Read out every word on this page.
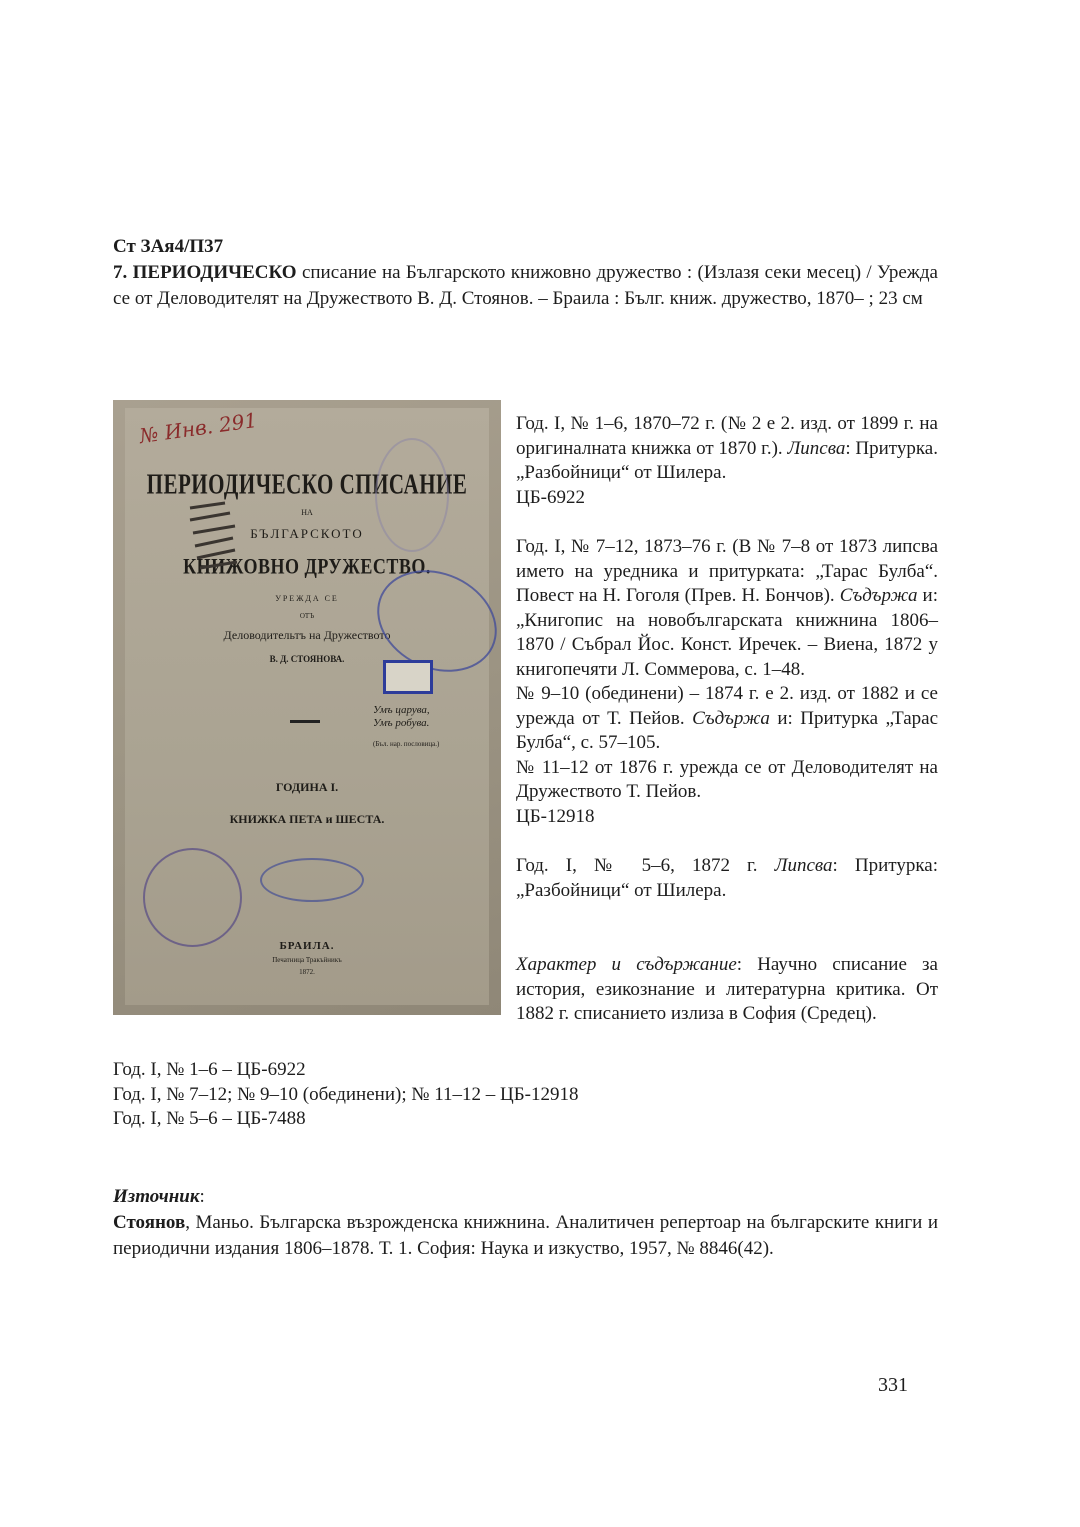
Ст ЗАя4/П37
7. ПЕРИОДИЧЕСКО списание на Българското книжовно дружество : (Излазя секи месец) / Урежда се от Деловодителят на Дружеството В. Д. Стоянов. – Браила : Бълг. книж. дружество, 1870– ; 23 см
№ Инв. 291
ПЕРИОДИЧЕСКО СПИСАНИЕ
НА
БЪЛГАРСКОТО
КНИЖОВНО ДРУЖЕСТВО.
УРЕЖДА СЕ
ОТЪ
Деловодительтъ на Дружеството
В. Д. СТОЯНОВА.
Умъ царува,
Умъ робува.
(Бъл. нар. пословица.)
ГОДИНА І.
КНИЖКА ПЕТА и ШЕСТА.
БРАИЛА.
Печатница Тракъйникъ
1872.

Год. I, № 1–6, 1870–72 г. (№ 2 е 2. изд. от 1899 г. на оригиналната книжка от 1870 г.). Липсва: Притурка. „Разбойници“ от Шилера.

ЦБ-6922

Год. I, № 7–12, 1873–76 г. (В № 7–8 от 1873 липсва името на уредника и притурката: „Тарас Булба“. Повест на Н. Гоголя (Прев. Н. Бончов). Съдържа и: „Книгопис на новобългарската книжнина 1806–1870 / Събрал Йос. Конст. Иречек. – Виена, 1872 у книгопечяти Л. Соммерова, с. 1–48.

№ 9–10 (обединени) – 1874 г. е 2. изд. от 1882 и се урежда от Т. Пейов. Съдържа и: Притурка „Тарас Булба“, с. 57–105.

№ 11–12 от 1876 г. урежда се от Деловодителят на Дружеството Т. Пейов.

ЦБ-12918

Год. I, № 5–6, 1872 г. Липсва: Притурка: „Разбойници“ от Шилера.

Характер и съдържание: Научно списание за история, езикознание и литературна критика. От 1882 г. списанието излиза в София (Средец).

Год. I, № 1–6 – ЦБ-6922
Год. I, № 7–12; № 9–10 (обединени); № 11–12 – ЦБ-12918
Год. I, № 5–6 – ЦБ-7488
Източник:
Стоянов, Маньо. Българска възрожденска книжнина. Аналитичен репертоар на българските книги и периодични издания 1806–1878. Т. 1. София: Наука и изкуство, 1957, № 8846(42).
331
